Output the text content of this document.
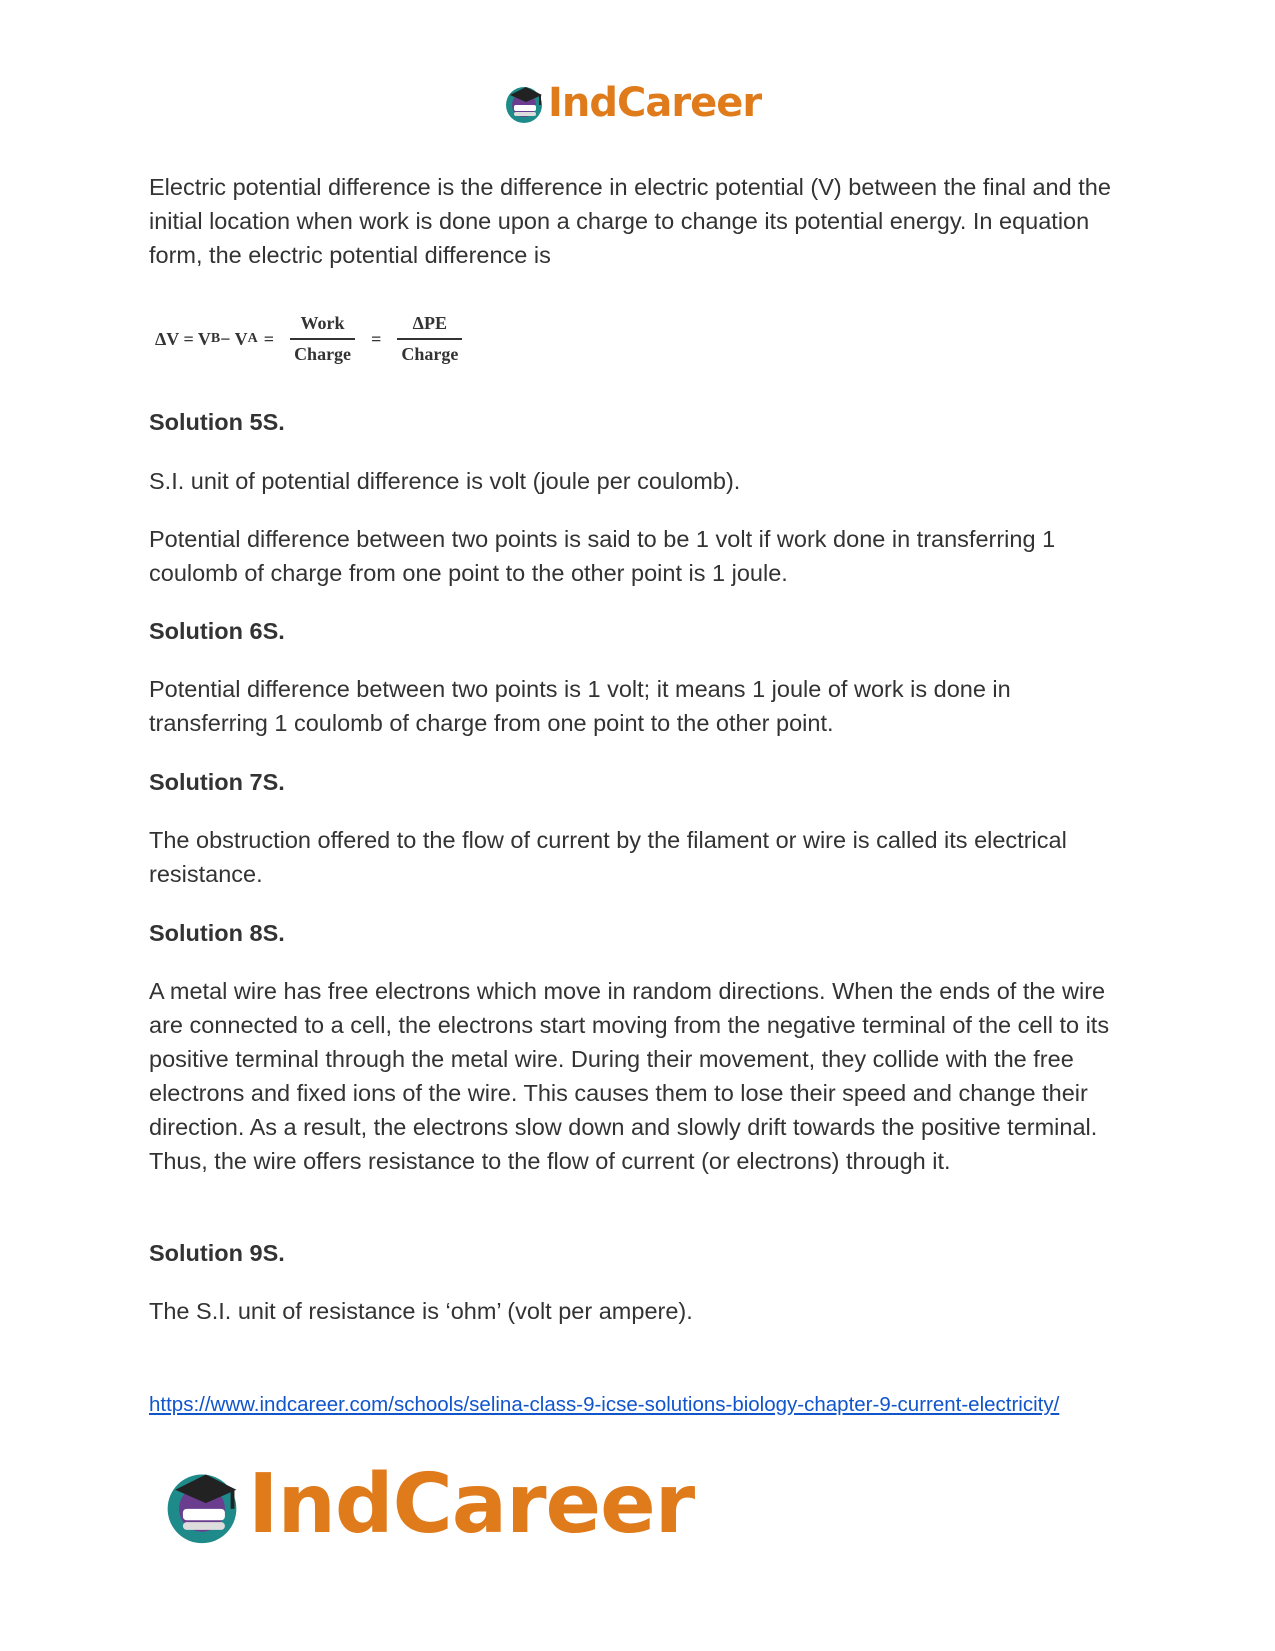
IndCareer

Electric potential difference is the difference in electric potential (V) between the final and the initial location when work is done upon a charge to change its potential energy. In equation form, the electric potential difference is

ΔV = V B − V $A = \frac{\text{Work}}{\text{Charge}} = \frac{\text{ΔPE}}{\text{Charge}}$

Solution 5S.

S.I. unit of potential difference is volt (joule per coulomb).

Potential difference between two points is said to be 1 volt if work done in transferring 1 coulomb of charge from one point to the other point is 1 joule.

Solution 6S.

Potential difference between two points is 1 volt; it means 1 joule of work is done in transferring 1 coulomb of charge from one point to the other point.

Solution 7S.

The obstruction offered to the flow of current by the filament or wire is called its electrical resistance.

Solution 8S.

A metal wire has free electrons which move in random directions. When the ends of the wire are connected to a cell, the electrons start moving from the negative terminal of the cell to its positive terminal through the metal wire. During their movement, they collide with the free electrons and fixed ions of the wire. This causes them to lose their speed and change their direction. As a result, the electrons slow down and slowly drift towards the positive terminal. Thus, the wire offers resistance to the flow of current (or electrons) through it.

Solution 9S.

The S.I. unit of resistance is ‘ohm’ (volt per ampere).

https://www.indcareer.com/schools/selina-class-9-icse-solutions-biology-chapter-9-current-electricity/
IndCareer
